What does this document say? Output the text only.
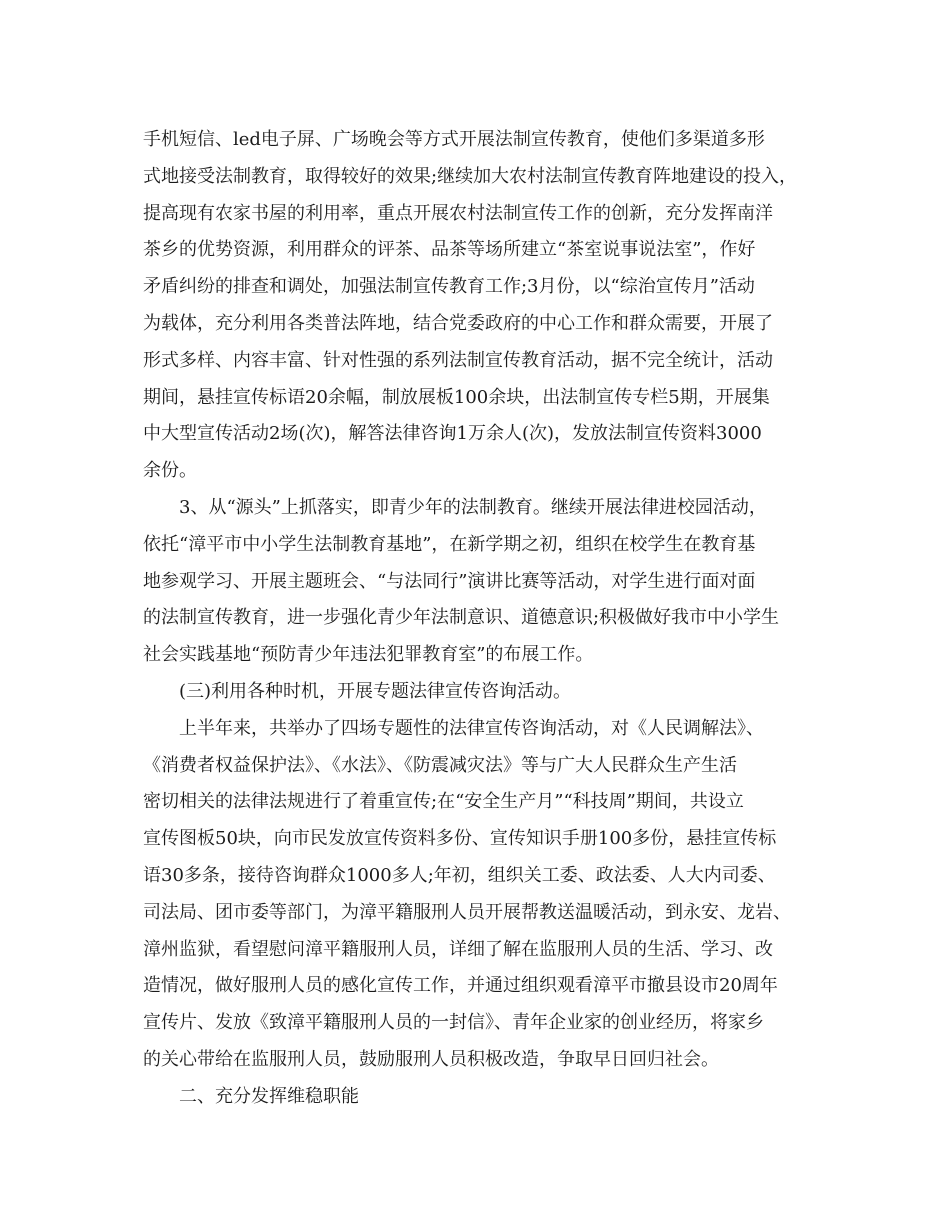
手机短信、led电子屏、广场晚会等方式开展法制宣传教育，使他们多渠道多形
式地接受法制教育，取得较好的效果;继续加大农村法制宣传教育阵地建设的投入，
提高现有农家书屋的利用率，重点开展农村法制宣传工作的创新，充分发挥南洋
茶乡的优势资源，利用群众的评茶、品茶等场所建立“茶室说事说法室”，作好
矛盾纠纷的排查和调处，加强法制宣传教育工作;3月份，以“综治宣传月”活动
为载体，充分利用各类普法阵地，结合党委政府的中心工作和群众需要，开展了
形式多样、内容丰富、针对性强的系列法制宣传教育活动，据不完全统计，活动
期间，悬挂宣传标语20余幅，制放展板100余块，出法制宣传专栏5期，开展集
中大型宣传活动2场(次)，解答法律咨询1万余人(次)，发放法制宣传资料3000
余份。
3、从“源头”上抓落实，即青少年的法制教育。继续开展法律进校园活动，
依托“漳平市中小学生法制教育基地”，在新学期之初，组织在校学生在教育基
地参观学习、开展主题班会、“与法同行”演讲比赛等活动，对学生进行面对面
的法制宣传教育，进一步强化青少年法制意识、道德意识;积极做好我市中小学生
社会实践基地“预防青少年违法犯罪教育室”的布展工作。
(三)利用各种时机，开展专题法律宣传咨询活动。
上半年来，共举办了四场专题性的法律宣传咨询活动，对《人民调解法》、
《消费者权益保护法》、《水法》、《防震减灾法》等与广大人民群众生产生活
密切相关的法律法规进行了着重宣传;在“安全生产月”“科技周”期间，共设立
宣传图板50块，向市民发放宣传资料多份、宣传知识手册100多份，悬挂宣传标
语30多条，接待咨询群众1000多人;年初，组织关工委、政法委、人大内司委、
司法局、团市委等部门，为漳平籍服刑人员开展帮教送温暖活动，到永安、龙岩、
漳州监狱，看望慰问漳平籍服刑人员，详细了解在监服刑人员的生活、学习、改
造情况，做好服刑人员的感化宣传工作，并通过组织观看漳平市撤县设市20周年
宣传片、发放《致漳平籍服刑人员的一封信》、青年企业家的创业经历，将家乡
的关心带给在监服刑人员，鼓励服刑人员积极改造，争取早日回归社会。
二、充分发挥维稳职能
